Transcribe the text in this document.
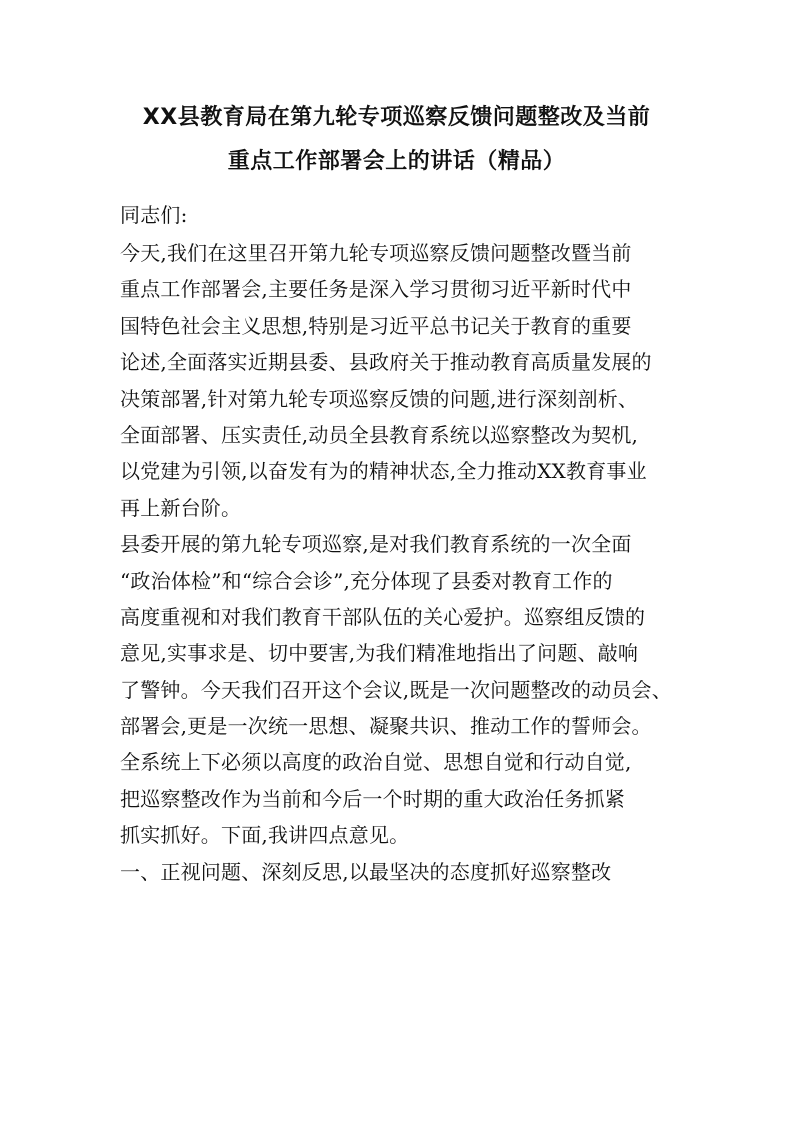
XX县教育局在第九轮专项巡察反馈问题整改及当前
重点工作部署会上的讲话（精品）
同志们:
今天,我们在这里召开第九轮专项巡察反馈问题整改暨当前
重点工作部署会,主要任务是深入学习贯彻习近平新时代中
国特色社会主义思想,特别是习近平总书记关于教育的重要
论述,全面落实近期县委、县政府关于推动教育高质量发展的
决策部署,针对第九轮专项巡察反馈的问题,进行深刻剖析、
全面部署、压实责任,动员全县教育系统以巡察整改为契机,
以党建为引领,以奋发有为的精神状态,全力推动XX教育事业
再上新台阶。
县委开展的第九轮专项巡察,是对我们教育系统的一次全面
“政治体检”和“综合会诊”,充分体现了县委对教育工作的
高度重视和对我们教育干部队伍的关心爱护。巡察组反馈的
意见,实事求是、切中要害,为我们精准地指出了问题、敲响
了警钟。今天我们召开这个会议,既是一次问题整改的动员会、
部署会,更是一次统一思想、凝聚共识、推动工作的誓师会。
全系统上下必须以高度的政治自觉、思想自觉和行动自觉,
把巡察整改作为当前和今后一个时期的重大政治任务抓紧
抓实抓好。下面,我讲四点意见。
一、正视问题、深刻反思,以最坚决的态度抓好巡察整改
